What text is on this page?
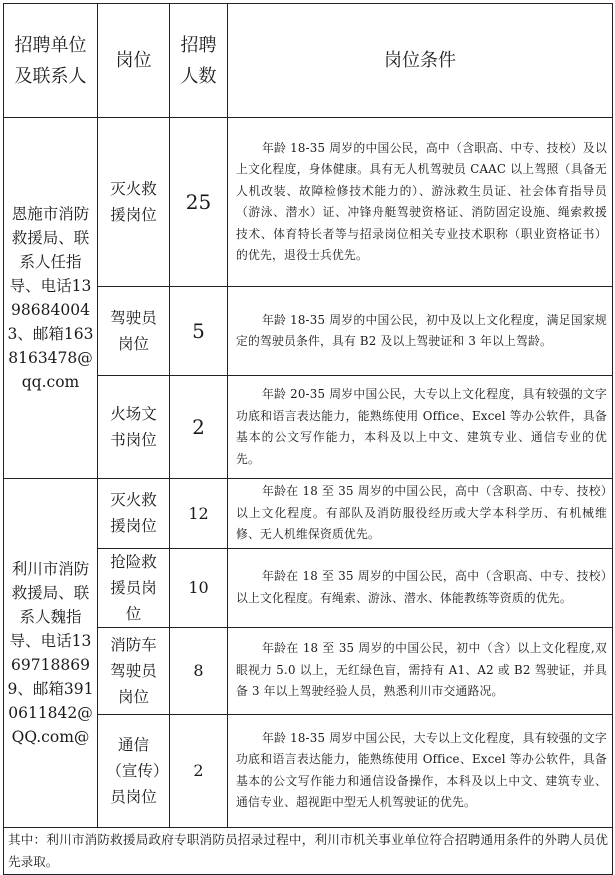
招聘单位及联系人	岗位	招聘人数	岗位条件
恩施市消防救援局、联系人任指导、电话13986840043、邮箱1638163478@qq.com	灭火救援岗位	25	年龄 18-35 周岁的中国公民，高中（含职高、中专、技校）及以上文化程度，身体健康。具有无人机驾驶员 CAAC 以上驾照（具备无人机改装、故障检修技术能力的）、游泳救生员证、社会体育指导员（游泳、潜水）证、冲锋舟艇驾驶资格证、消防固定设施、绳索救援技术、体育特长者等与招录岗位相关专业技术职称（职业资格证书）的优先，退役士兵优先。
	驾驶员岗位	5	年龄 18-35 周岁的中国公民，初中及以上文化程度，满足国家规定的驾驶员条件，具有 B2 及以上驾驶证和 3 年以上驾龄。
	火场文书岗位	2	年龄 20-35 周岁中国公民，大专以上文化程度，具有较强的文字功底和语言表达能力，能熟练使用 Office、Excel 等办公软件，具备基本的公文写作能力，本科及以上中文、建筑专业、通信专业的优先。
利川市消防救援局、联系人魏指导、电话13697188699、邮箱3910611842@QQ.com@	灭火救援岗位	12	年龄在 18 至 35 周岁的中国公民，高中（含职高、中专、技校）以上文化程度。有部队及消防服役经历或大学本科学历、有机械维修、无人机维保资质优先。
	抢险救援员岗位	10	年龄在 18 至 35 周岁的中国公民，高中（含职高、中专、技校）以上文化程度。有绳索、游泳、潜水、体能教练等资质的优先。
	消防车驾驶员岗位	8	年龄在 18 至 35 周岁的中国公民，初中（含）以上文化程度,双眼视力 5.0 以上，无红绿色盲，需持有 A1、A2 或 B2 驾驶证，并具备 3 年以上驾驶经验人员，熟悉利川市交通路况。
	通信（宣传）员岗位	2	年龄 18-35 周岁中国公民，大专以上文化程度，具有较强的文字功底和语言表达能力，能熟练使用 Office、Excel 等办公软件，具备基本的公文写作能力和通信设备操作，本科及以上中文、建筑专业、通信专业、超视距中型无人机驾驶证的优先。
其中：利川市消防救援局政府专职消防员招录过程中，利川市机关事业单位符合招聘通用条件的外聘人员优先录取。			
